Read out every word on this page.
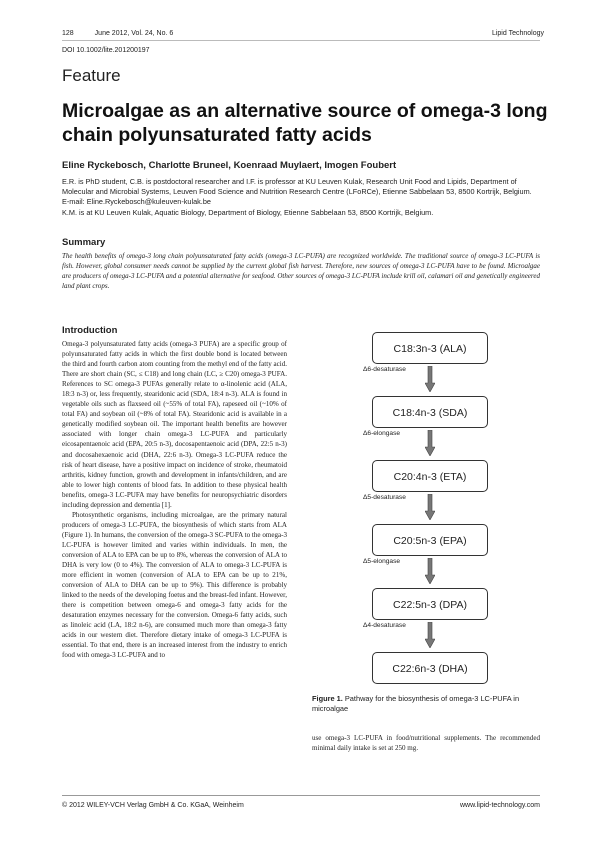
128   June 2012, Vol. 24, No. 6	Lipid Technology
DOI 10.1002/lite.201200197
Feature
Microalgae as an alternative source of omega-3 long chain polyunsaturated fatty acids
Eline Ryckebosch, Charlotte Bruneel, Koenraad Muylaert, Imogen Foubert
E.R. is PhD student, C.B. is postdoctoral researcher and I.F. is professor at KU Leuven Kulak, Research Unit Food and Lipids, Department of Molecular and Microbial Systems, Leuven Food Science and Nutrition Research Centre (LFoRCe), Etienne Sabbelaan 53, 8500 Kortrijk, Belgium. E-mail: Eline.Ryckebosch@kuleuven-kulak.be
K.M. is at KU Leuven Kulak, Aquatic Biology, Department of Biology, Etienne Sabbelaan 53, 8500 Kortrijk, Belgium.
Summary
The health benefits of omega-3 long chain polyunsaturated fatty acids (omega-3 LC-PUFA) are recognized worldwide. The traditional source of omega-3 LC-PUFA is fish. However, global consumer needs cannot be supplied by the current global fish harvest. Therefore, new sources of omega-3 LC-PUFA have to be found. Microalgae are producers of omega-3 LC-PUFA and a potential alternative for seafood. Other sources of omega-3 LC-PUFA include krill oil, calamari oil and genetically engineered land plant crops.
Introduction

Omega-3 polyunsaturated fatty acids (omega-3 PUFA) are a specific group of polyunsaturated fatty acids in which the first double bond is located between the third and fourth carbon atom counting from the methyl end of the fatty acid. There are short chain (SC, ≤ C18) and long chain (LC, ≥ C20) omega-3 PUFA. References to SC omega-3 PUFAs generally relate to α-linolenic acid (ALA, 18:3 n-3) or, less frequently, stearidonic acid (SDA, 18:4 n-3). ALA is found in vegetable oils such as flaxseed oil (~55% of total FA), rapeseed oil (~10% of total FA) and soybean oil (~8% of total FA). Stearidonic acid is available in a genetically modified soybean oil. The important health benefits are however associated with longer chain omega-3 LC-PUFA and particularly eicosapentaenoic acid (EPA, 20:5 n-3), docosapentaenoic acid (DPA, 22:5 n-3) and docosahexaenoic acid (DHA, 22:6 n-3). Omega-3 LC-PUFA reduce the risk of heart disease, have a positive impact on incidence of stroke, rheumatoid arthritis, kidney function, growth and development in infants/children, and are able to lower high contents of blood fats. In addition to these physical health benefits, omega-3 LC-PUFA may have benefits for neuropsychiatric disorders including depression and dementia [1].

Photosynthetic organisms, including microalgae, are the primary natural producers of omega-3 LC-PUFA, the biosynthesis of which starts from ALA (Figure 1). In humans, the conversion of the omega-3 SC-PUFA to the omega-3 LC-PUFA is however limited and varies within individuals. In men, the conversion of ALA to EPA can be up to 8%, whereas the conversion of ALA to DHA is very low (0 to 4%). The conversion of ALA to omega-3 LC-PUFA is more efficient in women (conversion of ALA to EPA can be up to 21%, conversion of ALA to DHA can be up to 9%). This difference is probably linked to the needs of the developing foetus and the breast-fed infant. However, there is competition between omega-6 and omega-3 fatty acids for the desaturation enzymes necessary for the conversion. Omega-6 fatty acids, such as linoleic acid (LA, 18:2 n-6), are consumed much more than omega-3 fatty acids in our western diet. Therefore dietary intake of omega-3 LC-PUFA is essential. To that end, there is an increased interest from the industry to enrich food with omega-3 LC-PUFA and to

C18:3n-3 (ALA)
Δ6-desaturase
C18:4n-3 (SDA)
Δ6-elongase
C20:4n-3 (ETA)
Δ5-desaturase
C20:5n-3 (EPA)
Δ5-elongase
C22:5n-3 (DPA)
Δ4-desaturase
C22:6n-3 (DHA)
Figure 1. Pathway for the biosynthesis of omega-3 LC-PUFA in microalgae
use omega-3 LC-PUFA in food/nutritional supplements. The recommended minimal daily intake is set at 250 mg.
© 2012 WILEY-VCH Verlag GmbH & Co. KGaA, Weinheim	www.lipid-technology.com
